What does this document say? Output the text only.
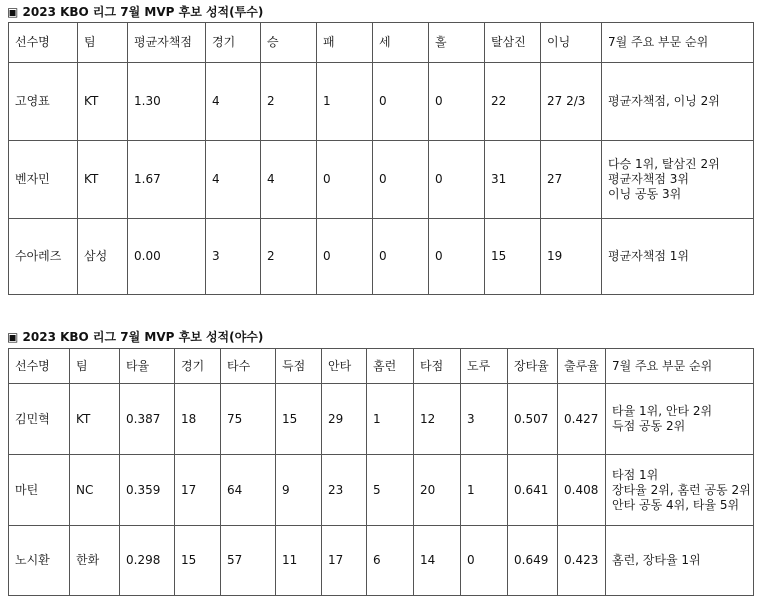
▣ 2023 KBO 리그 7월 MVP 후보 성적(투수)
선수명	팀	평균자책점	경기	승	패	세	홀	탈삼진	이닝	7월 주요 부문 순위
고영표	KT	1.30	4	2	1	0	0	22	27 2/3	평균자책점, 이닝 2위
벤자민	KT	1.67	4	4	0	0	0	31	27	다승 1위, 탈삼진 2위
평균자책점 3위
이닝 공동 3위
수아레즈	삼성	0.00	3	2	0	0	0	15	19	평균자책점 1위
▣ 2023 KBO 리그 7월 MVP 후보 성적(야수)
선수명	팀	타율	경기	타수	득점	안타	홈런	타점	도루	장타율	출루율	7월 주요 부문 순위
김민혁	KT	0.387	18	75	15	29	1	12	3	0.507	0.427	타율 1위, 안타 2위
득점 공동 2위
마틴	NC	0.359	17	64	9	23	5	20	1	0.641	0.408	타점 1위
장타율 2위, 홈런 공동 2위
안타 공동 4위, 타율 5위
노시환	한화	0.298	15	57	11	17	6	14	0	0.649	0.423	홈런, 장타율 1위
